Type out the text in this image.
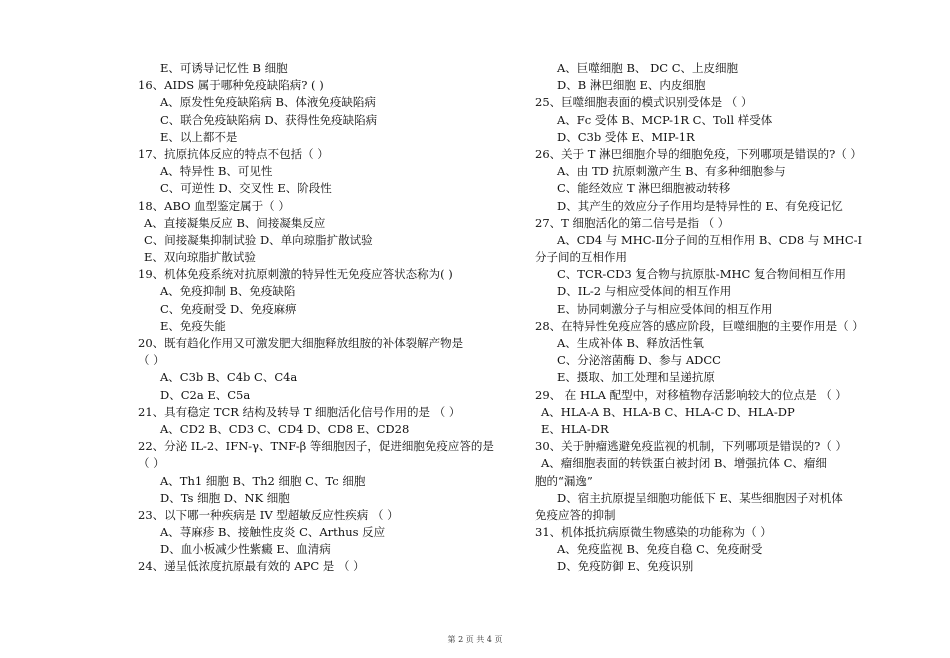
E、可诱导记忆性 B 细胞
16、AIDS 属于哪种免疫缺陷病? ( )
A、原发性免疫缺陷病 B、体液免疫缺陷病
C、联合免疫缺陷病 D、获得性免疫缺陷病
E、以上都不是
17、抗原抗体反应的特点不包括（ ）
A、特异性 B、可见性
C、可逆性 D、交叉性 E、阶段性
18、ABO 血型鉴定属于（ ）
A、直接凝集反应 B、间接凝集反应
C、间接凝集抑制试验 D、单向琼脂扩散试验
E、双向琼脂扩散试验
19、机体免疫系统对抗原刺激的特异性无免疫应答状态称为( )
A、免疫抑制 B、免疫缺陷
C、免疫耐受 D、免疫麻痹
E、免疫失能
20、既有趋化作用又可激发肥大细胞释放组胺的补体裂解产物是
（ ）
A、C3b B、C4b C、C4a
D、C2a E、C5a
21、具有稳定 TCR 结构及转导 T 细胞活化信号作用的是 （ ）
A、CD2 B、CD3 C、CD4 D、CD8 E、CD28
22、分泌 IL-2、IFN-γ、TNF-β 等细胞因子，促进细胞免疫应答的是
（ ）
A、Th1 细胞 B、Th2 细胞 C、Tc 细胞
D、Ts 细胞 D、NK 细胞
23、以下哪一种疾病是 IV 型超敏反应性疾病 （ ）
A、荨麻疹 B、接触性皮炎 C、Arthus 反应
D、血小板减少性紫癜 E、血清病
24、递呈低浓度抗原最有效的 APC 是 （ ）
A、巨噬细胞 B、 DC C、上皮细胞
D、B 淋巴细胞 E、内皮细胞
25、巨噬细胞表面的模式识别受体是 （ ）
A、Fc 受体 B、MCP-1R C、Toll 样受体
D、C3b 受体 E、MIP-1R
26、关于 T 淋巴细胞介导的细胞免疫，下列哪项是错误的?（ ）
A、由 TD 抗原刺激产生 B、有多种细胞参与
C、能经效应 T 淋巴细胞被动转移
D、其产生的效应分子作用均是特异性的 E、有免疫记忆
27、T 细胞活化的第二信号是指 （ ）
A、CD4 与 MHC-Ⅱ分子间的互相作用 B、CD8 与 MHC-Ⅰ
分子间的互相作用
C、TCR-CD3 复合物与抗原肽-MHC 复合物间相互作用
D、IL-2 与相应受体间的相互作用
E、协同刺激分子与相应受体间的相互作用
28、在特异性免疫应答的感应阶段，巨噬细胞的主要作用是（ ）
A、生成补体 B、释放活性氧
C、分泌溶菌酶 D、参与 ADCC
E、摄取、加工处理和呈递抗原
29、 在 HLA 配型中，对移植物存活影响较大的位点是 （ ）
A、HLA-A B、HLA-B C、HLA-C D、HLA-DP
E、HLA-DR
30、关于肿瘤逃避免疫监视的机制，下列哪项是错误的?（ ）
A、瘤细胞表面的转铁蛋白被封闭 B、增强抗体 C、瘤细
胞的“漏逸”
D、宿主抗原提呈细胞功能低下 E、某些细胞因子对机体
免疫应答的抑制
31、机体抵抗病原微生物感染的功能称为（ ）
A、免疫监视 B、免疫自稳 C、免疫耐受
D、免疫防御 E、免疫识别
第 2 页 共 4 页
